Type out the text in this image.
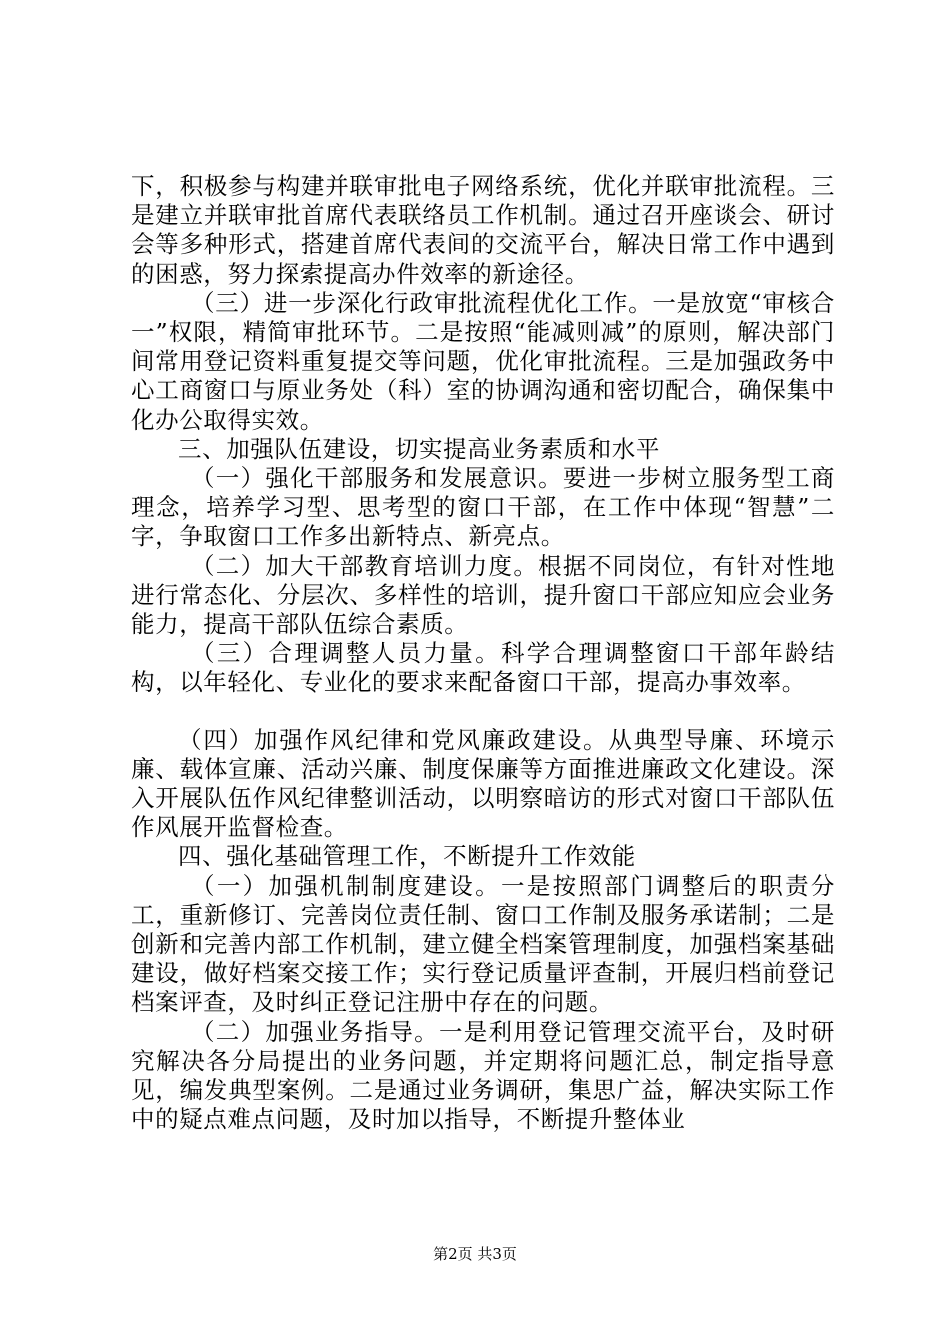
下，积极参与构建并联审批电子网络系统，优化并联审批流程。三是建立并联审批首席代表联络员工作机制。通过召开座谈会、研讨会等多种形式，搭建首席代表间的交流平台，解决日常工作中遇到的困惑，努力探索提高办件效率的新途径。

（三）进一步深化行政审批流程优化工作。一是放宽“审核合一”权限，精简审批环节。二是按照“能减则减”的原则，解决部门间常用登记资料重复提交等问题，优化审批流程。三是加强政务中心工商窗口与原业务处（科）室的协调沟通和密切配合，确保集中化办公取得实效。

三、加强队伍建设，切实提高业务素质和水平

（一）强化干部服务和发展意识。要进一步树立服务型工商理念，培养学习型、思考型的窗口干部，在工作中体现“智慧”二字，争取窗口工作多出新特点、新亮点。

（二）加大干部教育培训力度。根据不同岗位，有针对性地进行常态化、分层次、多样性的培训，提升窗口干部应知应会业务能力，提高干部队伍综合素质。

（三）合理调整人员力量。科学合理调整窗口干部年龄结构，以年轻化、专业化的要求来配备窗口干部，提高办事效率。

（四）加强作风纪律和党风廉政建设。从典型导廉、环境示廉、载体宣廉、活动兴廉、制度保廉等方面推进廉政文化建设。深入开展队伍作风纪律整训活动，以明察暗访的形式对窗口干部队伍作风展开监督检查。

四、强化基础管理工作，不断提升工作效能

（一）加强机制制度建设。一是按照部门调整后的职责分工，重新修订、完善岗位责任制、窗口工作制及服务承诺制；二是创新和完善内部工作机制，建立健全档案管理制度，加强档案基础建设，做好档案交接工作；实行登记质量评查制，开展归档前登记档案评查，及时纠正登记注册中存在的问题。

（二）加强业务指导。一是利用登记管理交流平台，及时研究解决各分局提出的业务问题，并定期将问题汇总，制定指导意见，编发典型案例。二是通过业务调研，集思广益，解决实际工作中的疑点难点问题，及时加以指导，不断提升整体业

第2页 共3页
